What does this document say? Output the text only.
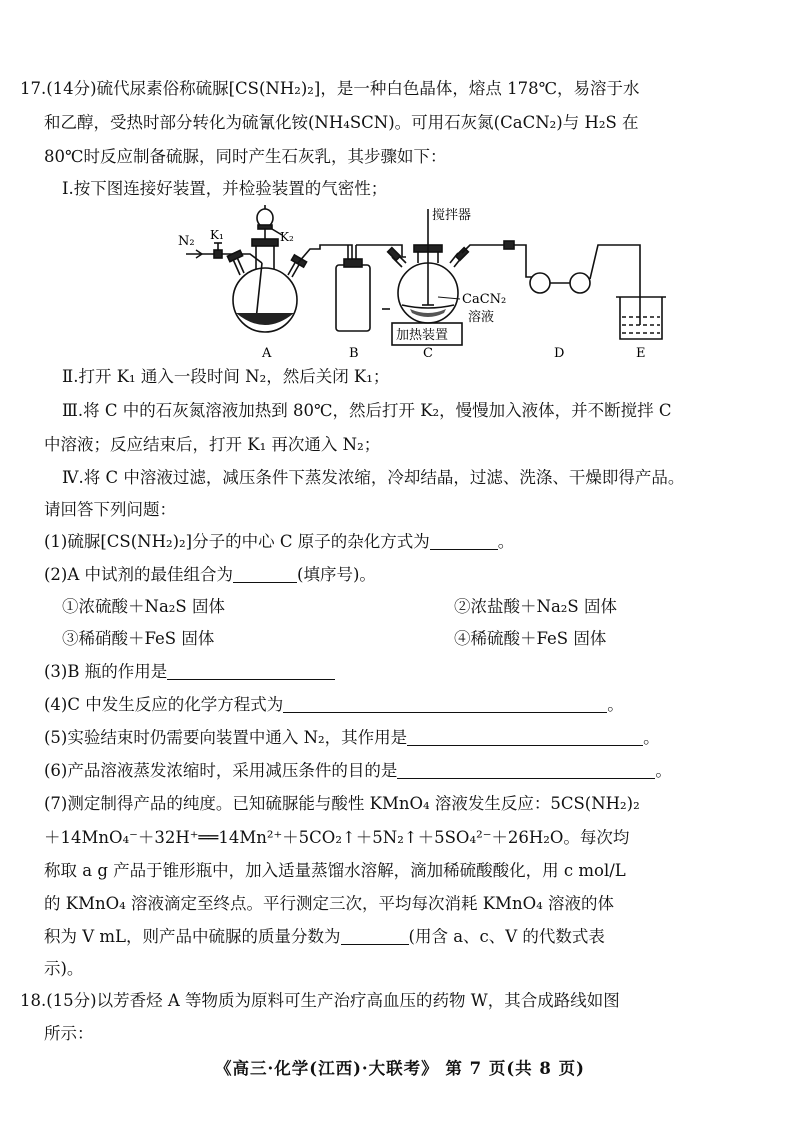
17.(14分)硫代尿素俗称硫脲[CS(NH₂)₂]，是一种白色晶体，熔点 178℃，易溶于水
和乙醇，受热时部分转化为硫氰化铵(NH₄SCN)。可用石灰氮(CaCN₂)与 H₂S 在
80℃时反应制备硫脲，同时产生石灰乳，其步骤如下：
Ⅰ.按下图连接好装置，并检验装置的气密性；
N₂ K₁	K₂
搅拌器
CaCN₂
溶液
加热装置
A	B	C	D	E
Ⅱ.打开 K₁ 通入一段时间 N₂，然后关闭 K₁；
Ⅲ.将 C 中的石灰氮溶液加热到 80℃，然后打开 K₂，慢慢加入液体，并不断搅拌 C
中溶液；反应结束后，打开 K₁ 再次通入 N₂；
Ⅳ.将 C 中溶液过滤，减压条件下蒸发浓缩，冷却结晶，过滤、洗涤、干燥即得产品。
请回答下列问题：
(1)硫脲[CS(NH₂)₂]分子的中心 C 原子的杂化方式为	。
(2)A 中试剂的最佳组合为	(填序号)。
①浓硫酸＋Na₂S 固体	②浓盐酸＋Na₂S 固体
③稀硝酸＋FeS 固体	④稀硫酸＋FeS 固体
(3)B 瓶的作用是
(4)C 中发生反应的化学方程式为	。
(5)实验结束时仍需要向装置中通入 N₂，其作用是	。
(6)产品溶液蒸发浓缩时，采用减压条件的目的是	。
(7)测定制得产品的纯度。已知硫脲能与酸性 KMnO₄ 溶液发生反应：5CS(NH₂)₂
＋14MnO₄⁻＋32H⁺══14Mn²⁺＋5CO₂↑＋5N₂↑＋5SO₄²⁻＋26H₂O。每次均
称取 a g 产品于锥形瓶中，加入适量蒸馏水溶解，滴加稀硫酸酸化，用 c mol/L
的 KMnO₄ 溶液滴定至终点。平行测定三次，平均每次消耗 KMnO₄ 溶液的体
积为 V mL，则产品中硫脲的质量分数为	(用含 a、c、V 的代数式表
示)。
18.(15分)以芳香烃 A 等物质为原料可生产治疗高血压的药物 W，其合成路线如图
所示：
《高三·化学(江西)·大联考》 第 7 页(共 8 页)
